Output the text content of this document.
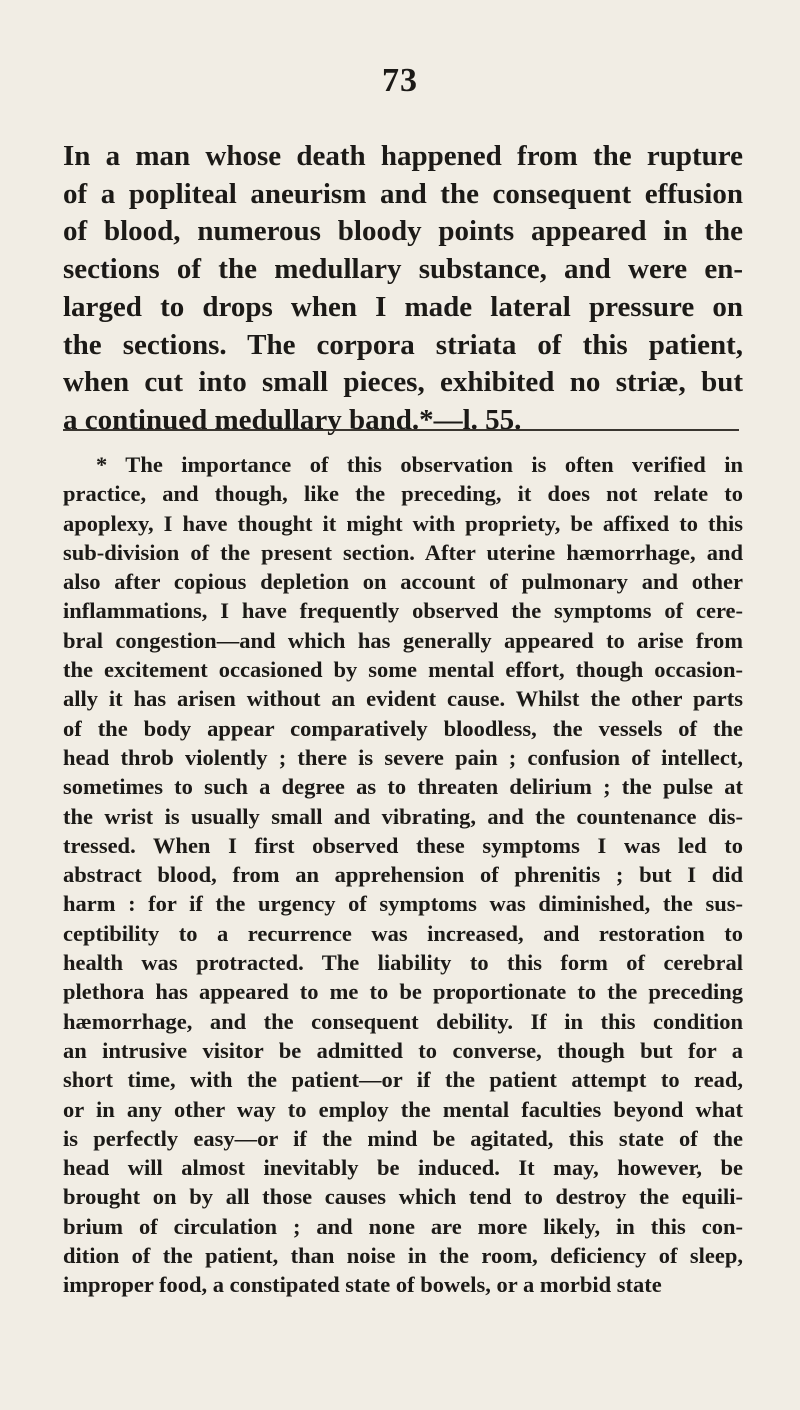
73
In a man whose death happened from the rupture
of a popliteal aneurism and the consequent effusion
of blood, numerous bloody points appeared in the
sections of the medullary substance, and were en-
larged to drops when I made lateral pressure on
the sections. The corpora striata of this patient,
when cut into small pieces, exhibited no striæ, but
a continued medullary band.*—l. 55.
* The importance of this observation is often verified in
practice, and though, like the preceding, it does not relate to
apoplexy, I have thought it might with propriety, be affixed to this
sub-division of the present section. After uterine hæmorrhage, and
also after copious depletion on account of pulmonary and other
inflammations, I have frequently observed the symptoms of cere-
bral congestion—and which has generally appeared to arise from
the excitement occasioned by some mental effort, though occasion-
ally it has arisen without an evident cause. Whilst the other parts
of the body appear comparatively bloodless, the vessels of the
head throb violently ; there is severe pain ; confusion of intellect,
sometimes to such a degree as to threaten delirium ; the pulse at
the wrist is usually small and vibrating, and the countenance dis-
tressed. When I first observed these symptoms I was led to
abstract blood, from an apprehension of phrenitis ; but I did
harm : for if the urgency of symptoms was diminished, the sus-
ceptibility to a recurrence was increased, and restoration to
health was protracted. The liability to this form of cerebral
plethora has appeared to me to be proportionate to the preceding
hæmorrhage, and the consequent debility. If in this condition
an intrusive visitor be admitted to converse, though but for a
short time, with the patient—or if the patient attempt to read,
or in any other way to employ the mental faculties beyond what
is perfectly easy—or if the mind be agitated, this state of the
head will almost inevitably be induced. It may, however, be
brought on by all those causes which tend to destroy the equili-
brium of circulation ; and none are more likely, in this con-
dition of the patient, than noise in the room, deficiency of sleep,
improper food, a constipated state of bowels, or a morbid state
